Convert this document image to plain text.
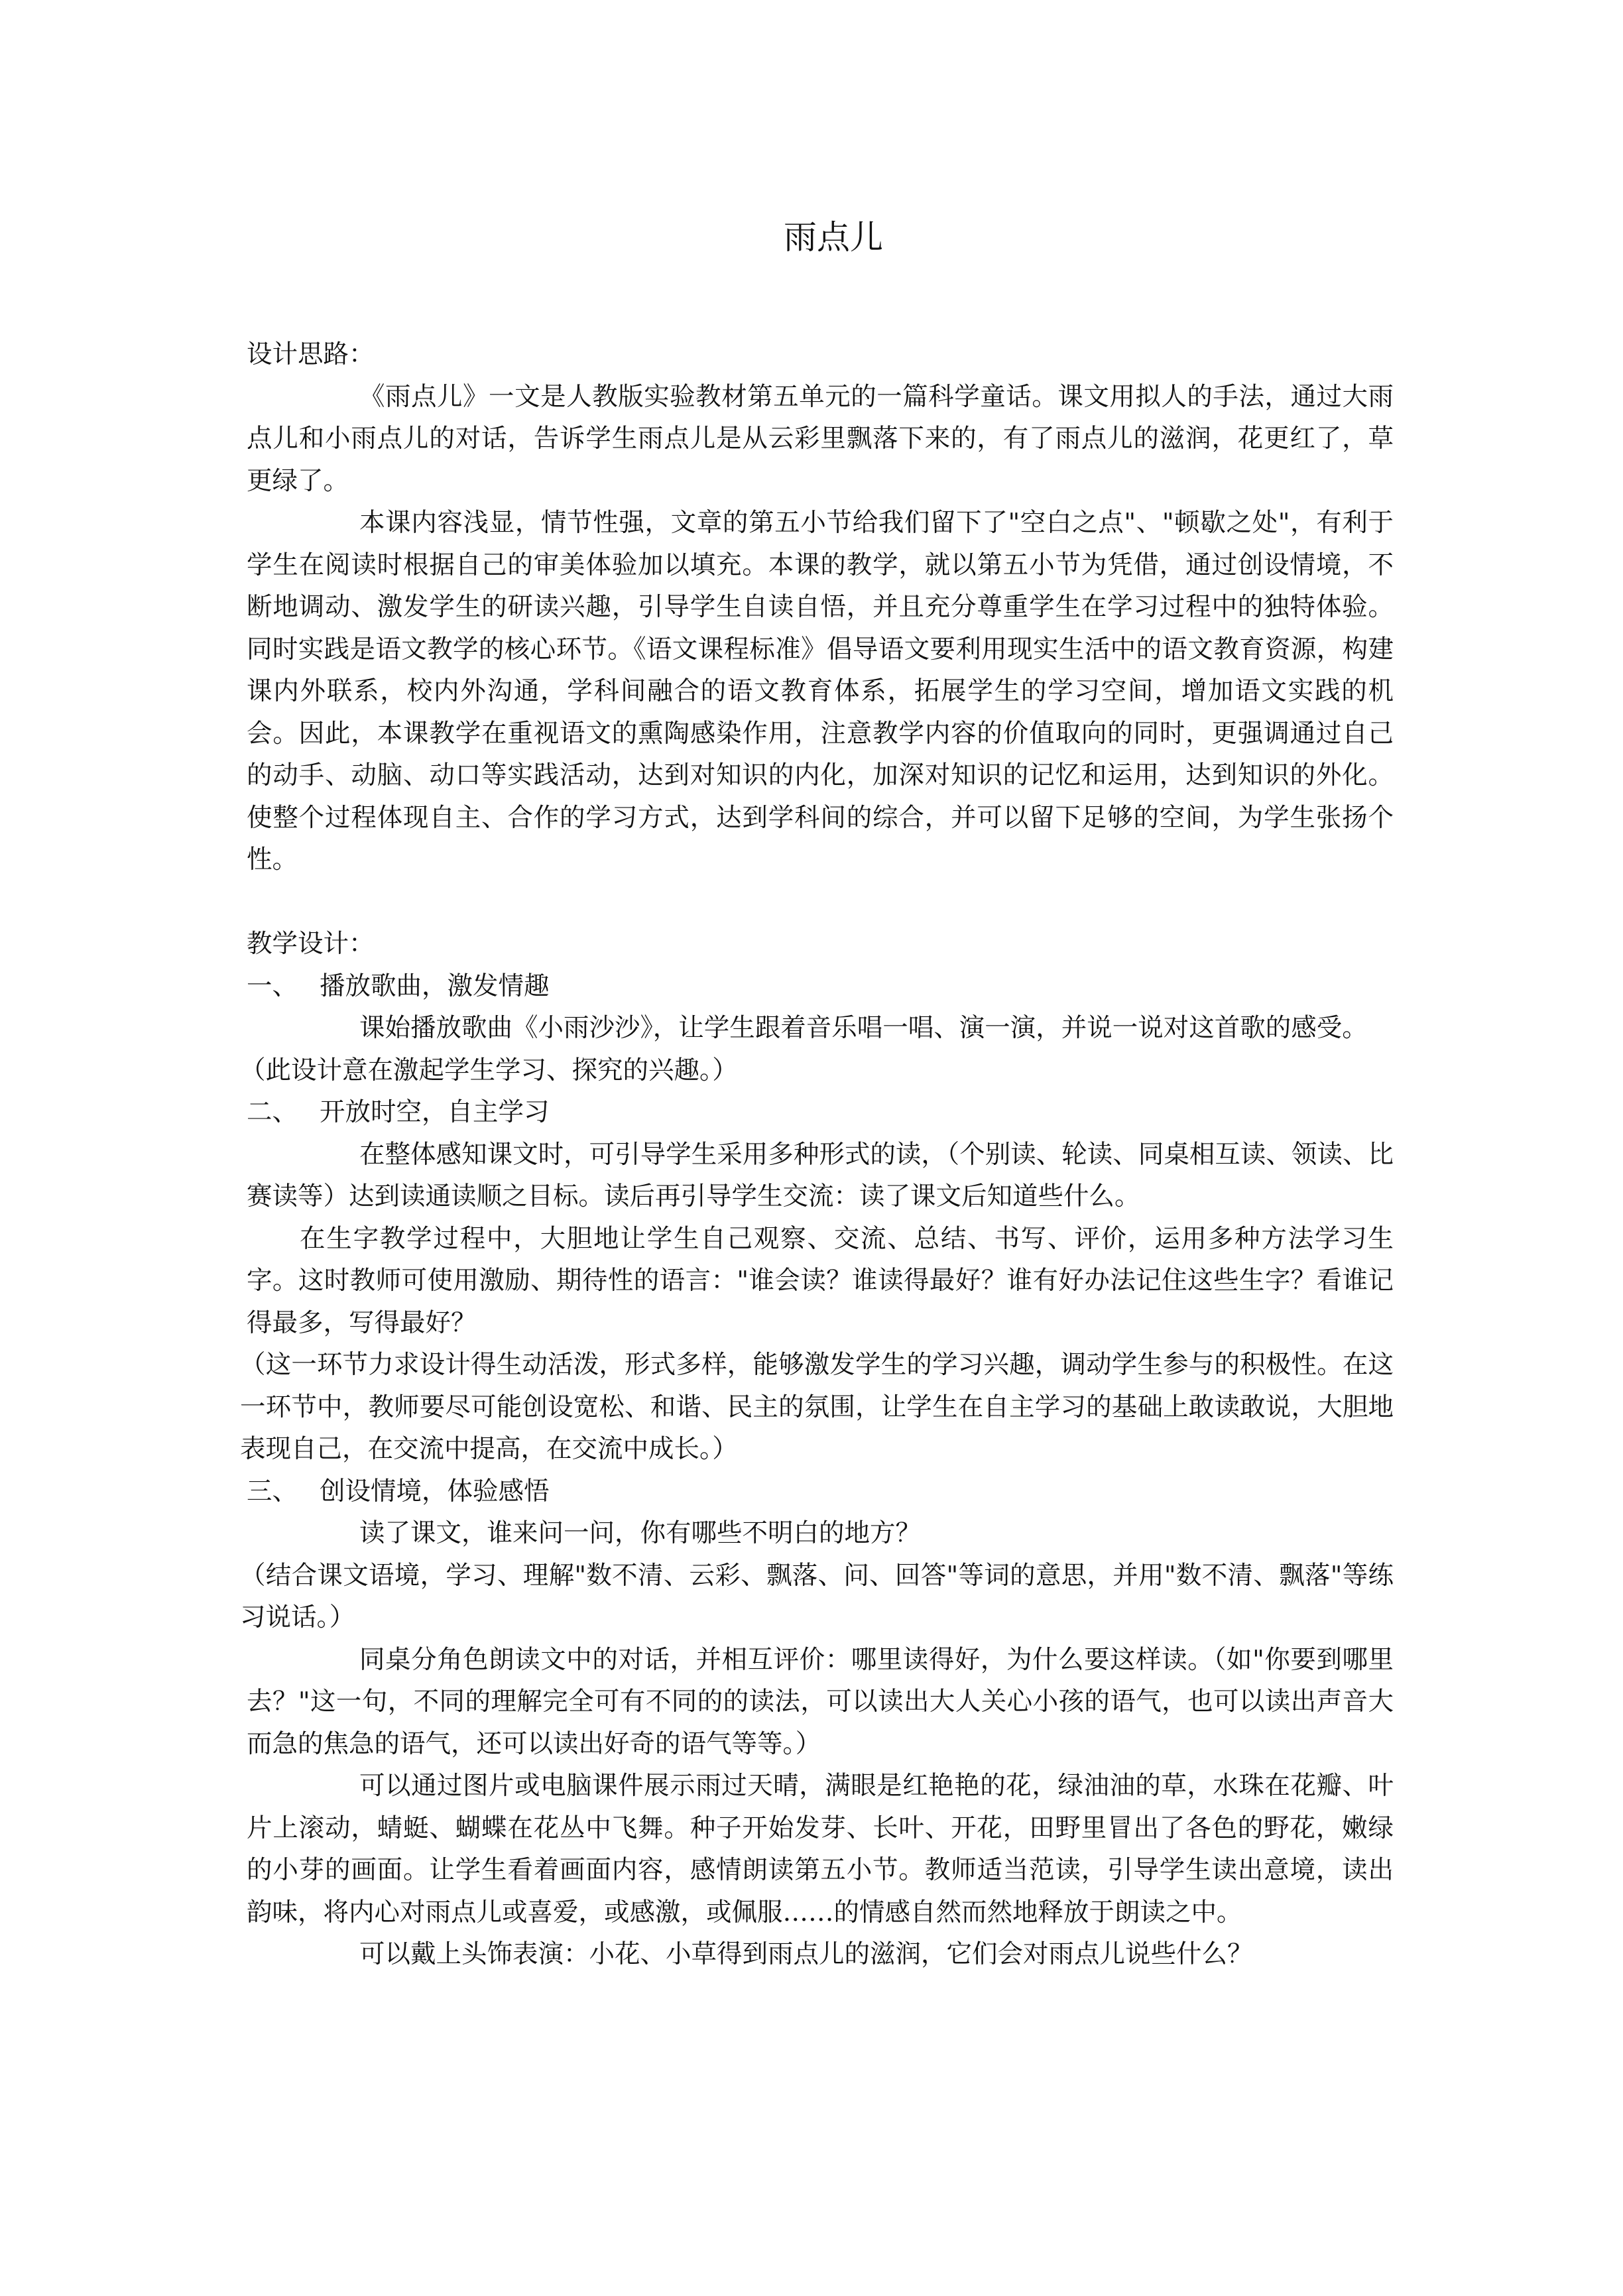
雨点儿

设计思路：

《雨点儿》一文是人教版实验教材第五单元的一篇科学童话。课文用拟人的手法，通过大雨点儿和小雨点儿的对话，告诉学生雨点儿是从云彩里飘落下来的，有了雨点儿的滋润，花更红了，草更绿了。

本课内容浅显，情节性强，文章的第五小节给我们留下了"空白之点"、"顿歇之处"，有利于学生在阅读时根据自己的审美体验加以填充。本课的教学，就以第五小节为凭借，通过创设情境，不断地调动、激发学生的研读兴趣，引导学生自读自悟，并且充分尊重学生在学习过程中的独特体验。同时实践是语文教学的核心环节。《语文课程标准》倡导语文要利用现实生活中的语文教育资源，构建课内外联系，校内外沟通，学科间融合的语文教育体系，拓展学生的学习空间，增加语文实践的机会。因此，本课教学在重视语文的熏陶感染作用，注意教学内容的价值取向的同时，更强调通过自己的动手、动脑、动口等实践活动，达到对知识的内化，加深对知识的记忆和运用，达到知识的外化。使整个过程体现自主、合作的学习方式，达到学科间的综合，并可以留下足够的空间，为学生张扬个性。

教学设计：

一、 播放歌曲，激发情趣

课始播放歌曲《小雨沙沙》，让学生跟着音乐唱一唱、演一演，并说一说对这首歌的感受。

（此设计意在激起学生学习、探究的兴趣。）

二、 开放时空，自主学习

在整体感知课文时，可引导学生采用多种形式的读，（个别读、轮读、同桌相互读、领读、比赛读等）达到读通读顺之目标。读后再引导学生交流：读了课文后知道些什么。

在生字教学过程中，大胆地让学生自己观察、交流、总结、书写、评价，运用多种方法学习生字。这时教师可使用激励、期待性的语言："谁会读？谁读得最好？谁有好办法记住这些生字？看谁记得最多，写得最好？

（这一环节力求设计得生动活泼，形式多样，能够激发学生的学习兴趣，调动学生参与的积极性。在这一环节中，教师要尽可能创设宽松、和谐、民主的氛围，让学生在自主学习的基础上敢读敢说，大胆地表现自己，在交流中提高，在交流中成长。）

三、 创设情境，体验感悟

读了课文，谁来问一问，你有哪些不明白的地方？

（结合课文语境，学习、理解"数不清、云彩、飘落、问、回答"等词的意思，并用"数不清、飘落"等练习说话。）

同桌分角色朗读文中的对话，并相互评价：哪里读得好，为什么要这样读。（如"你要到哪里去？"这一句，不同的理解完全可有不同的的读法，可以读出大人关心小孩的语气，也可以读出声音大而急的焦急的语气，还可以读出好奇的语气等等。）

可以通过图片或电脑课件展示雨过天晴，满眼是红艳艳的花，绿油油的草，水珠在花瓣、叶片上滚动，蜻蜓、蝴蝶在花丛中飞舞。种子开始发芽、长叶、开花，田野里冒出了各色的野花，嫩绿的小芽的画面。让学生看着画面内容，感情朗读第五小节。教师适当范读，引导学生读出意境，读出韵味，将内心对雨点儿或喜爱，或感激，或佩服……的情感自然而然地释放于朗读之中。

可以戴上头饰表演：小花、小草得到雨点儿的滋润，它们会对雨点儿说些什么？
